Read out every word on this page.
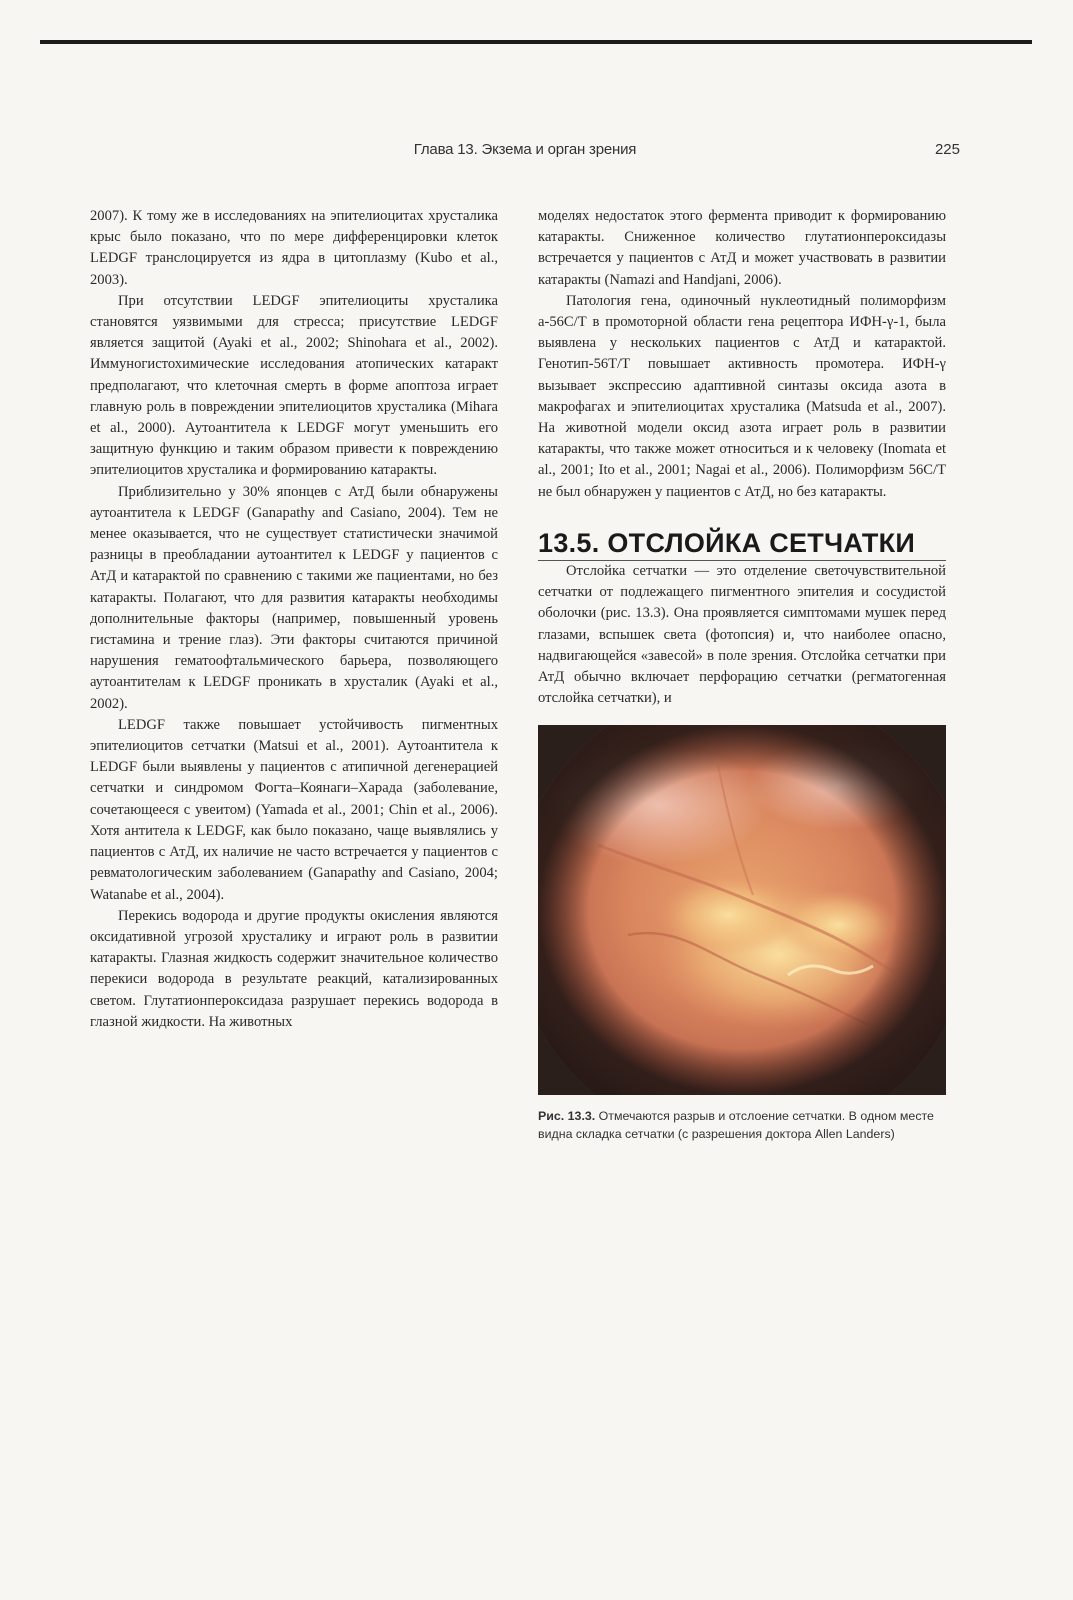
Глава 13. Экзема и орган зрения	225

2007). К тому же в исследованиях на эпителиоцитах хрусталика крыс было показано, что по мере дифференцировки клеток LEDGF транслоцируется из ядра в цитоплазму (Kubo et al., 2003).

При отсутствии LEDGF эпителиоциты хрусталика становятся уязвимыми для стресса; присутствие LEDGF является защитой (Ayaki et al., 2002; Shinohara et al., 2002). Иммуногистохимические исследования атопических катаракт предполагают, что клеточная смерть в форме апоптоза играет главную роль в повреждении эпителиоцитов хрусталика (Mihara et al., 2000). Аутоантитела к LEDGF могут уменьшить его защитную функцию и таким образом привести к повреждению эпителиоцитов хрусталика и формированию катаракты.

Приблизительно у 30% японцев с АтД были обнаружены аутоантитела к LEDGF (Ganapathy and Casiano, 2004). Тем не менее оказывается, что не существует статистически значимой разницы в преобладании аутоантител к LEDGF у пациентов с АтД и катарактой по сравнению с такими же пациентами, но без катаракты. Полагают, что для развития катаракты необходимы дополнительные факторы (например, повышенный уровень гистамина и трение глаз). Эти факторы считаются причиной нарушения гематоофтальмического барьера, позволяющего аутоантителам к LEDGF проникать в хрусталик (Ayaki et al., 2002).

LEDGF также повышает устойчивость пигментных эпителиоцитов сетчатки (Matsui et al., 2001). Аутоантитела к LEDGF были выявлены у пациентов с атипичной дегенерацией сетчатки и синдромом Фогта–Коянаги–Харада (заболевание, сочетающееся с увеитом) (Yamada et al., 2001; Chin et al., 2006). Хотя антитела к LEDGF, как было показано, чаще выявлялись у пациентов с АтД, их наличие не часто встречается у пациентов с ревматологическим заболеванием (Ganapathy and Casiano, 2004; Watanabe et al., 2004).

Перекись водорода и другие продукты окисления являются оксидативной угрозой хрусталику и играют роль в развитии катаракты. Глазная жидкость содержит значительное количество перекиси водорода в результате реакций, катализированных светом. Глутатионпероксидаза разрушает перекись водорода в глазной жидкости. На животных

моделях недостаток этого фермента приводит к формированию катаракты. Сниженное количество глутатионпероксидазы встречается у пациентов с АтД и может участвовать в развитии катаракты (Namazi and Handjani, 2006).

Патология гена, одиночный нуклеотидный полиморфизм а-56С/Т в промоторной области гена рецептора ИФН-γ-1, была выявлена у нескольких пациентов с АтД и катарактой. Генотип-56Т/Т повышает активность промотера. ИФН-γ вызывает экспрессию адаптивной синтазы оксида азота в макрофагах и эпителиоцитах хрусталика (Matsuda et al., 2007). На животной модели оксид азота играет роль в развитии катаракты, что также может относиться и к человеку (Inomata et al., 2001; Ito et al., 2001; Nagai et al., 2006). Полиморфизм 56С/Т не был обнаружен у пациентов с АтД, но без катаракты.

13.5. ОТСЛОЙКА СЕТЧАТКИ

Отслойка сетчатки — это отделение светочувствительной сетчатки от подлежащего пигментного эпителия и сосудистой оболочки (рис. 13.3). Она проявляется симптомами мушек перед глазами, вспышек света (фотопсия) и, что наиболее опасно, надвигающейся «завесой» в поле зрения. Отслойка сетчатки при АтД обычно включает перфорацию сетчатки (регматогенная отслойка сетчатки), и

Рис. 13.3. Отмечаются разрыв и отслоение сетчатки. В одном месте видна складка сетчатки (с разрешения доктора Allen Landers)
